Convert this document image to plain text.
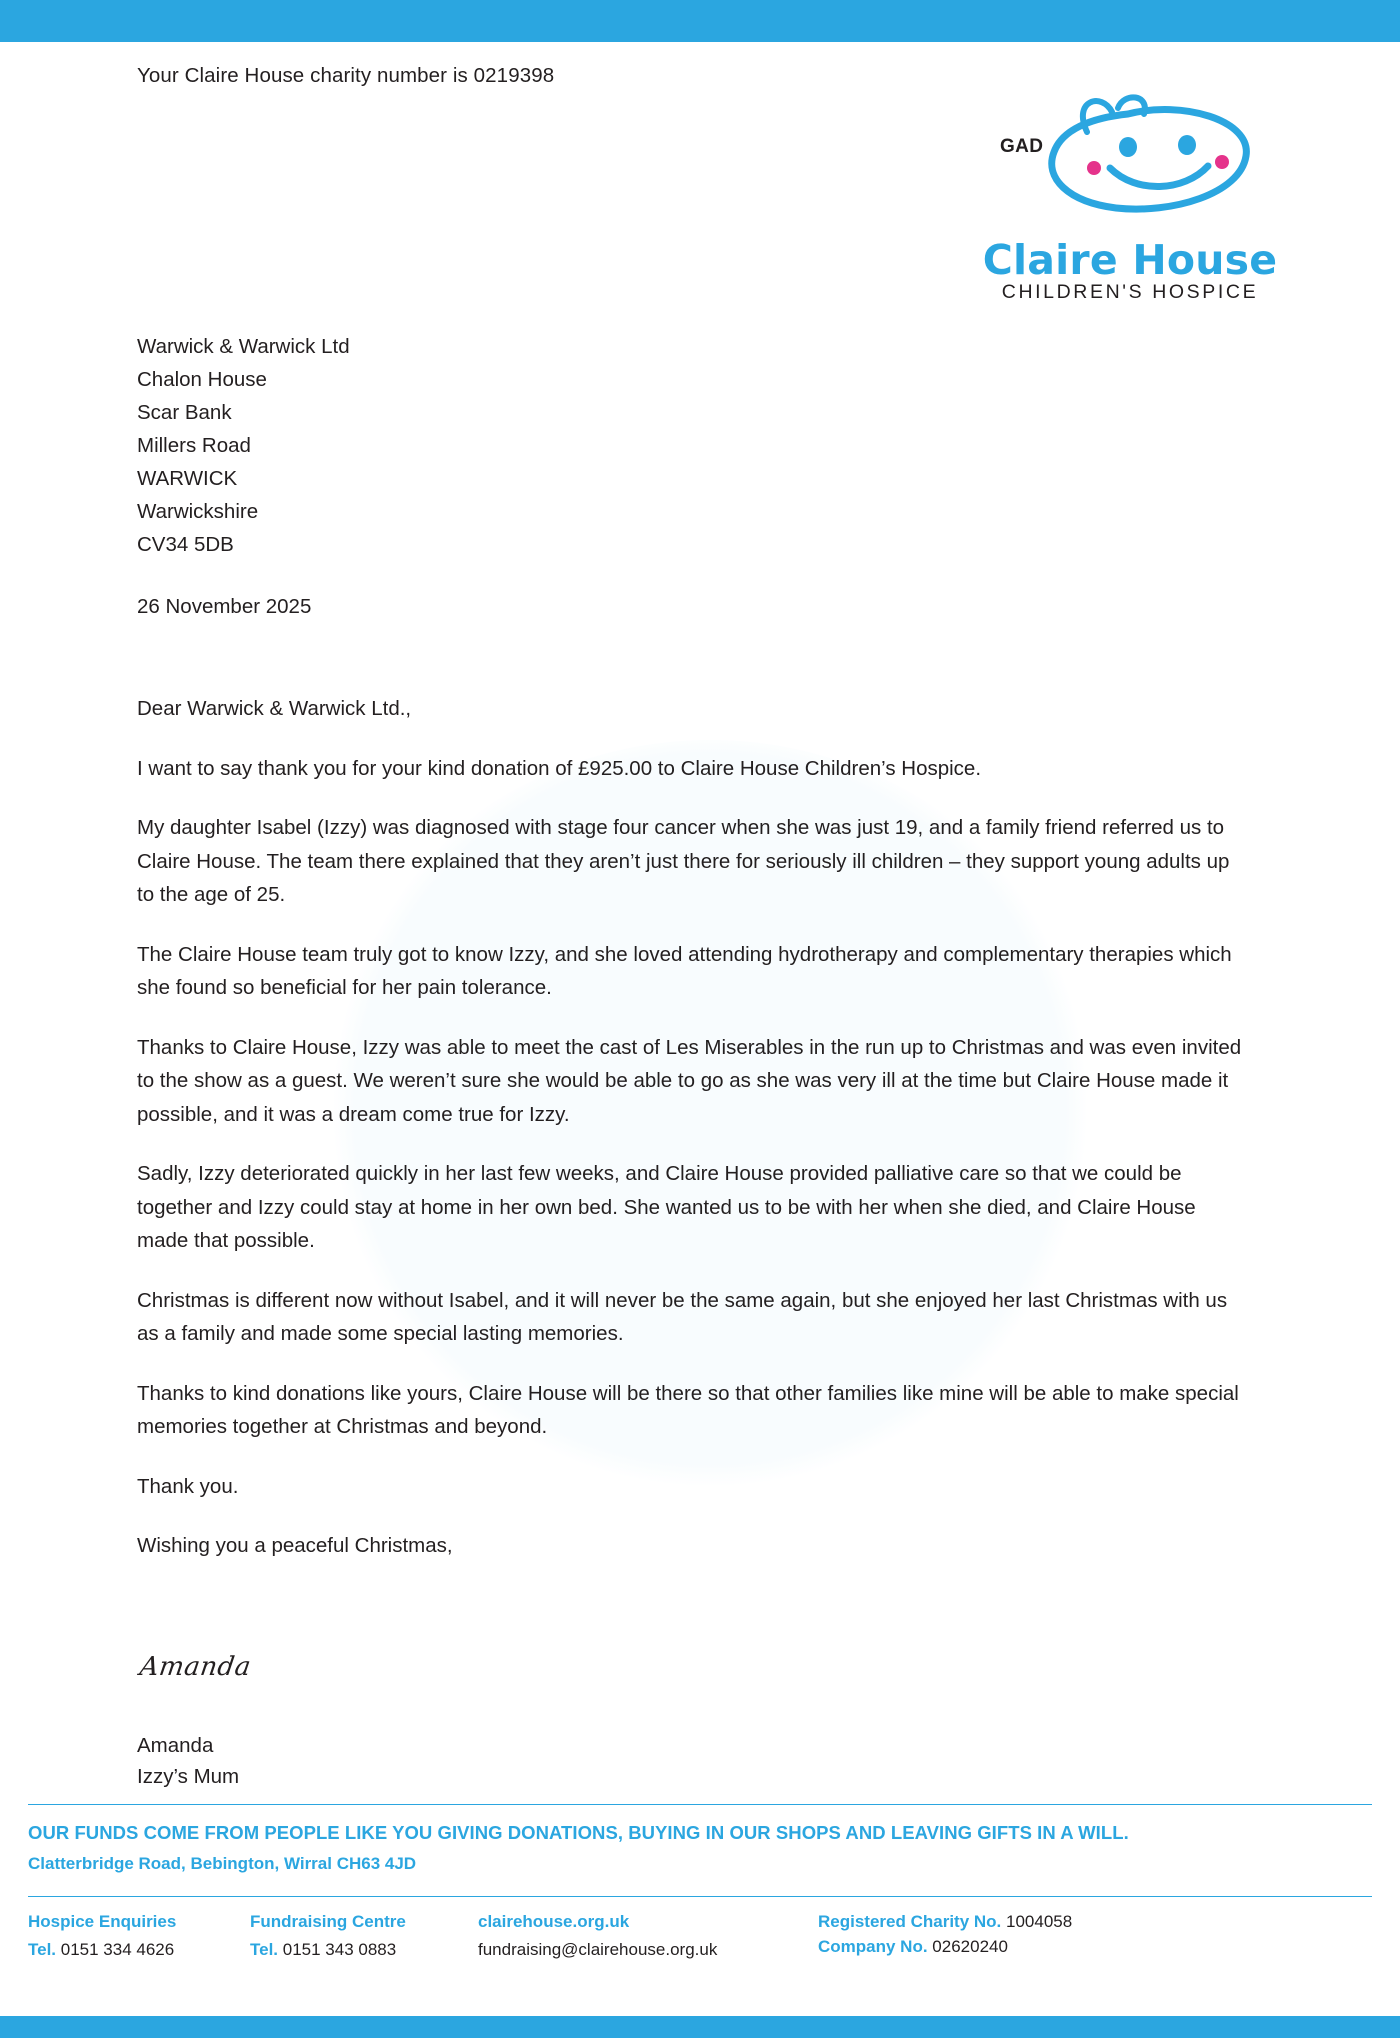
Your Claire House charity number is 0219398
GAD
Claire House
CHILDREN'S HOSPICE
Warwick & Warwick Ltd
Chalon House
Scar Bank
Millers Road
WARWICK
Warwickshire
CV34 5DB
26 November 2025

Dear Warwick & Warwick Ltd.,

I want to say thank you for your kind donation of £925.00 to Claire House Children’s Hospice.

My daughter Isabel (Izzy) was diagnosed with stage four cancer when she was just 19, and a family friend referred us to Claire House. The team there explained that they aren’t just there for seriously ill children – they support young adults up to the age of 25.

The Claire House team truly got to know Izzy, and she loved attending hydrotherapy and complementary therapies which she found so beneficial for her pain tolerance.

Thanks to Claire House, Izzy was able to meet the cast of Les Miserables in the run up to Christmas and was even invited to the show as a guest. We weren’t sure she would be able to go as she was very ill at the time but Claire House made it possible, and it was a dream come true for Izzy.

Sadly, Izzy deteriorated quickly in her last few weeks, and Claire House provided palliative care so that we could be together and Izzy could stay at home in her own bed. She wanted us to be with her when she died, and Claire House made that possible.

Christmas is different now without Isabel, and it will never be the same again, but she enjoyed her last Christmas with us as a family and made some special lasting memories.

Thanks to kind donations like yours, Claire House will be there so that other families like mine will be able to make special memories together at Christmas and beyond.

Thank you.

Wishing you a peaceful Christmas,

Amanda
Amanda
Izzy’s Mum
OUR FUNDS COME FROM PEOPLE LIKE YOU GIVING DONATIONS, BUYING IN OUR SHOPS AND LEAVING GIFTS IN A WILL.
Clatterbridge Road, Bebington, Wirral CH63 4JD
Hospice Enquiries
Tel. 0151 334 4626
Fundraising Centre
Tel. 0151 343 0883
clairehouse.org.uk
fundraising@clairehouse.org.uk
Registered Charity No. 1004058
Company No. 02620240
